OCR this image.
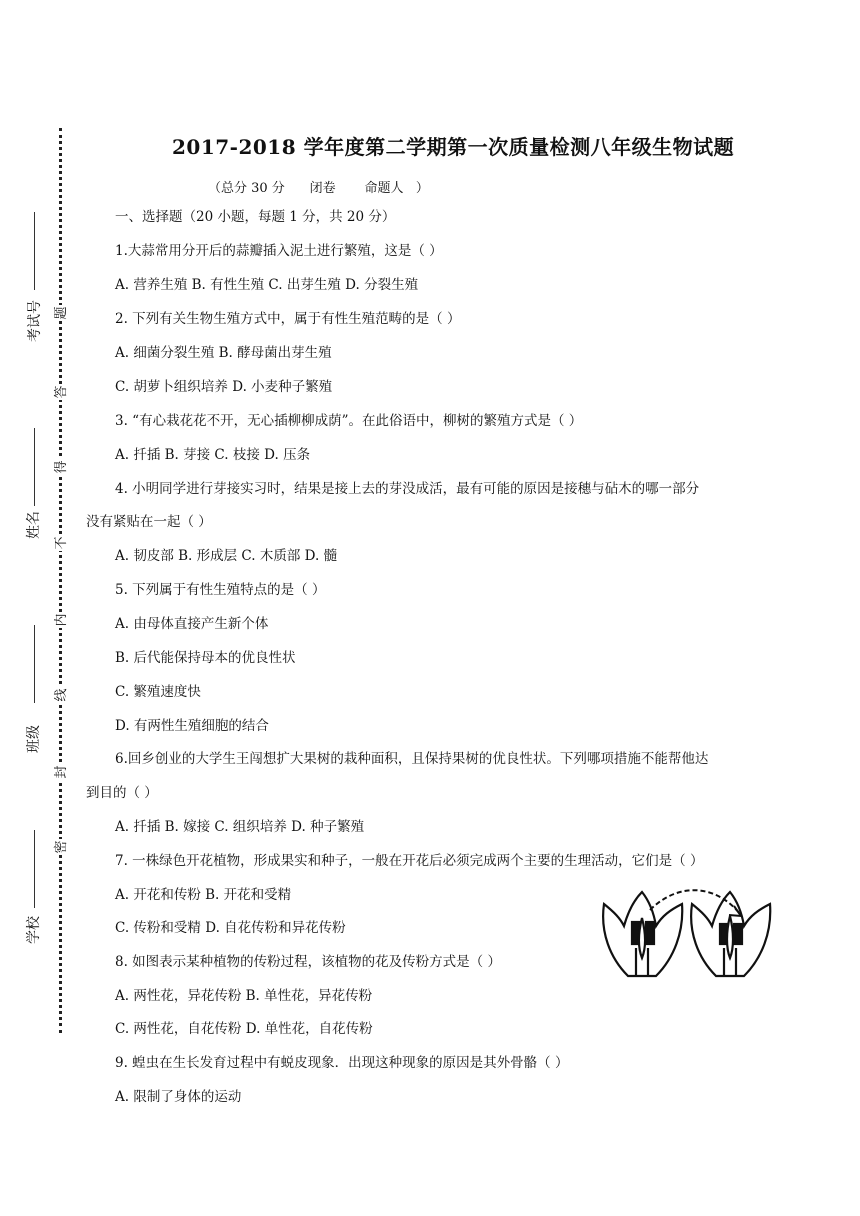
考试号
姓名
班级
学校
题
答
得
不
内
线
封
密
2017-2018 学年度第二学期第一次质量检测八年级生物试题
（总分 30 分      闭卷       命题人   ）
一、选择题（20 小题，每题 1 分，共 20 分）
1.大蒜常用分开后的蒜瓣插入泥土进行繁殖，这是（ ）
A. 营养生殖 B. 有性生殖 C. 出芽生殖 D. 分裂生殖
2. 下列有关生物生殖方式中，属于有性生殖范畴的是（ ）
A. 细菌分裂生殖 B. 酵母菌出芽生殖
C. 胡萝卜组织培养 D. 小麦种子繁殖
3. “有心栽花花不开，无心插柳柳成荫”。在此俗语中，柳树的繁殖方式是（ ）
A. 扦插 B. 芽接 C. 枝接 D. 压条
4. 小明同学进行芽接实习时，结果是接上去的芽没成活，最有可能的原因是接穗与砧木的哪一部分
没有紧贴在一起（ ）
A. 韧皮部 B. 形成层 C. 木质部 D. 髓
5. 下列属于有性生殖特点的是（ ）
A. 由母体直接产生新个体
B. 后代能保持母本的优良性状
C. 繁殖速度快
D. 有两性生殖细胞的结合
6.回乡创业的大学生王闯想扩大果树的栽种面积，且保持果树的优良性状。下列哪项措施不能帮他达
到目的（ ）
A. 扦插 B. 嫁接 C. 组织培养 D. 种子繁殖
7. 一株绿色开花植物，形成果实和种子，一般在开花后必须完成两个主要的生理活动，它们是（ ）
A. 开花和传粉 B. 开花和受精
C. 传粉和受精 D. 自花传粉和异花传粉
8. 如图表示某种植物的传粉过程，该植物的花及传粉方式是（ ）
A. 两性花，异花传粉 B. 单性花，异花传粉
C. 两性花，自花传粉 D. 单性花，自花传粉
9. 蝗虫在生长发育过程中有蜕皮现象．出现这种现象的原因是其外骨骼（ ）
A. 限制了身体的运动
